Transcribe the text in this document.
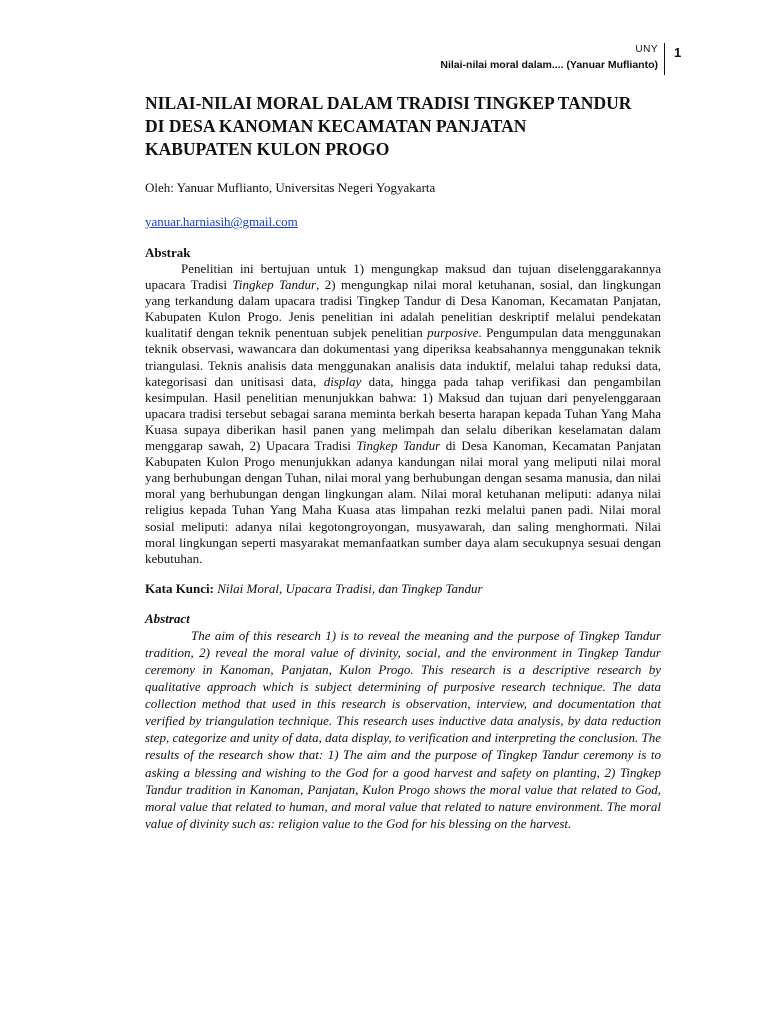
UNY
Nilai-nilai moral dalam.... (Yanuar Muflianto)
1
NILAI-NILAI MORAL DALAM TRADISI TINGKEP TANDUR
DI DESA KANOMAN KECAMATAN PANJATAN
KABUPATEN KULON PROGO
Oleh: Yanuar Muflianto, Universitas Negeri Yogyakarta
yanuar.harniasih@gmail.com
Abstrak

Penelitian ini bertujuan untuk 1) mengungkap maksud dan tujuan diselenggarakannya upacara Tradisi Tingkep Tandur, 2) mengungkap nilai moral ketuhanan, sosial, dan lingkungan yang terkandung dalam upacara tradisi Tingkep Tandur di Desa Kanoman, Kecamatan Panjatan, Kabupaten Kulon Progo. Jenis penelitian ini adalah penelitian deskriptif melalui pendekatan kualitatif dengan teknik penentuan subjek penelitian purposive. Pengumpulan data menggunakan teknik observasi, wawancara dan dokumentasi yang diperiksa keabsahannya menggunakan teknik triangulasi. Teknis analisis data menggunakan analisis data induktif, melalui tahap reduksi data, kategorisasi dan unitisasi data, display data, hingga pada tahap verifikasi dan pengambilan kesimpulan. Hasil penelitian menunjukkan bahwa: 1) Maksud dan tujuan dari penyelenggaraan upacara tradisi tersebut sebagai sarana meminta berkah beserta harapan kepada Tuhan Yang Maha Kuasa supaya diberikan hasil panen yang melimpah dan selalu diberikan keselamatan dalam menggarap sawah, 2) Upacara Tradisi Tingkep Tandur di Desa Kanoman, Kecamatan Panjatan Kabupaten Kulon Progo menunjukkan adanya kandungan nilai moral yang meliputi nilai moral yang berhubungan dengan Tuhan, nilai moral yang berhubungan dengan sesama manusia, dan nilai moral yang berhubungan dengan lingkungan alam. Nilai moral ketuhanan meliputi: adanya nilai religius kepada Tuhan Yang Maha Kuasa atas limpahan rezki melalui panen padi. Nilai moral sosial meliputi: adanya nilai kegotongroyongan, musyawarah, dan saling menghormati. Nilai moral lingkungan seperti masyarakat memanfaatkan sumber daya alam secukupnya sesuai dengan kebutuhan.

Kata Kunci: Nilai Moral, Upacara Tradisi, dan Tingkep Tandur
Abstract

The aim of this research 1) is to reveal the meaning and the purpose of Tingkep Tandur tradition, 2) reveal the moral value of divinity, social, and the environment in Tingkep Tandur ceremony in Kanoman, Panjatan, Kulon Progo. This research is a descriptive research by qualitative approach which is subject determining of purposive research technique. The data collection method that used in this research is observation, interview, and documentation that verified by triangulation technique. This research uses inductive data analysis, by data reduction step, categorize and unity of data, data display, to verification and interpreting the conclusion. The results of the research show that: 1) The aim and the purpose of Tingkep Tandur ceremony is to asking a blessing and wishing to the God for a good harvest and safety on planting, 2) Tingkep Tandur tradition in Kanoman, Panjatan, Kulon Progo shows the moral value that related to God, moral value that related to human, and moral value that related to nature environment. The moral value of divinity such as: religion value to the God for his blessing on the harvest.
